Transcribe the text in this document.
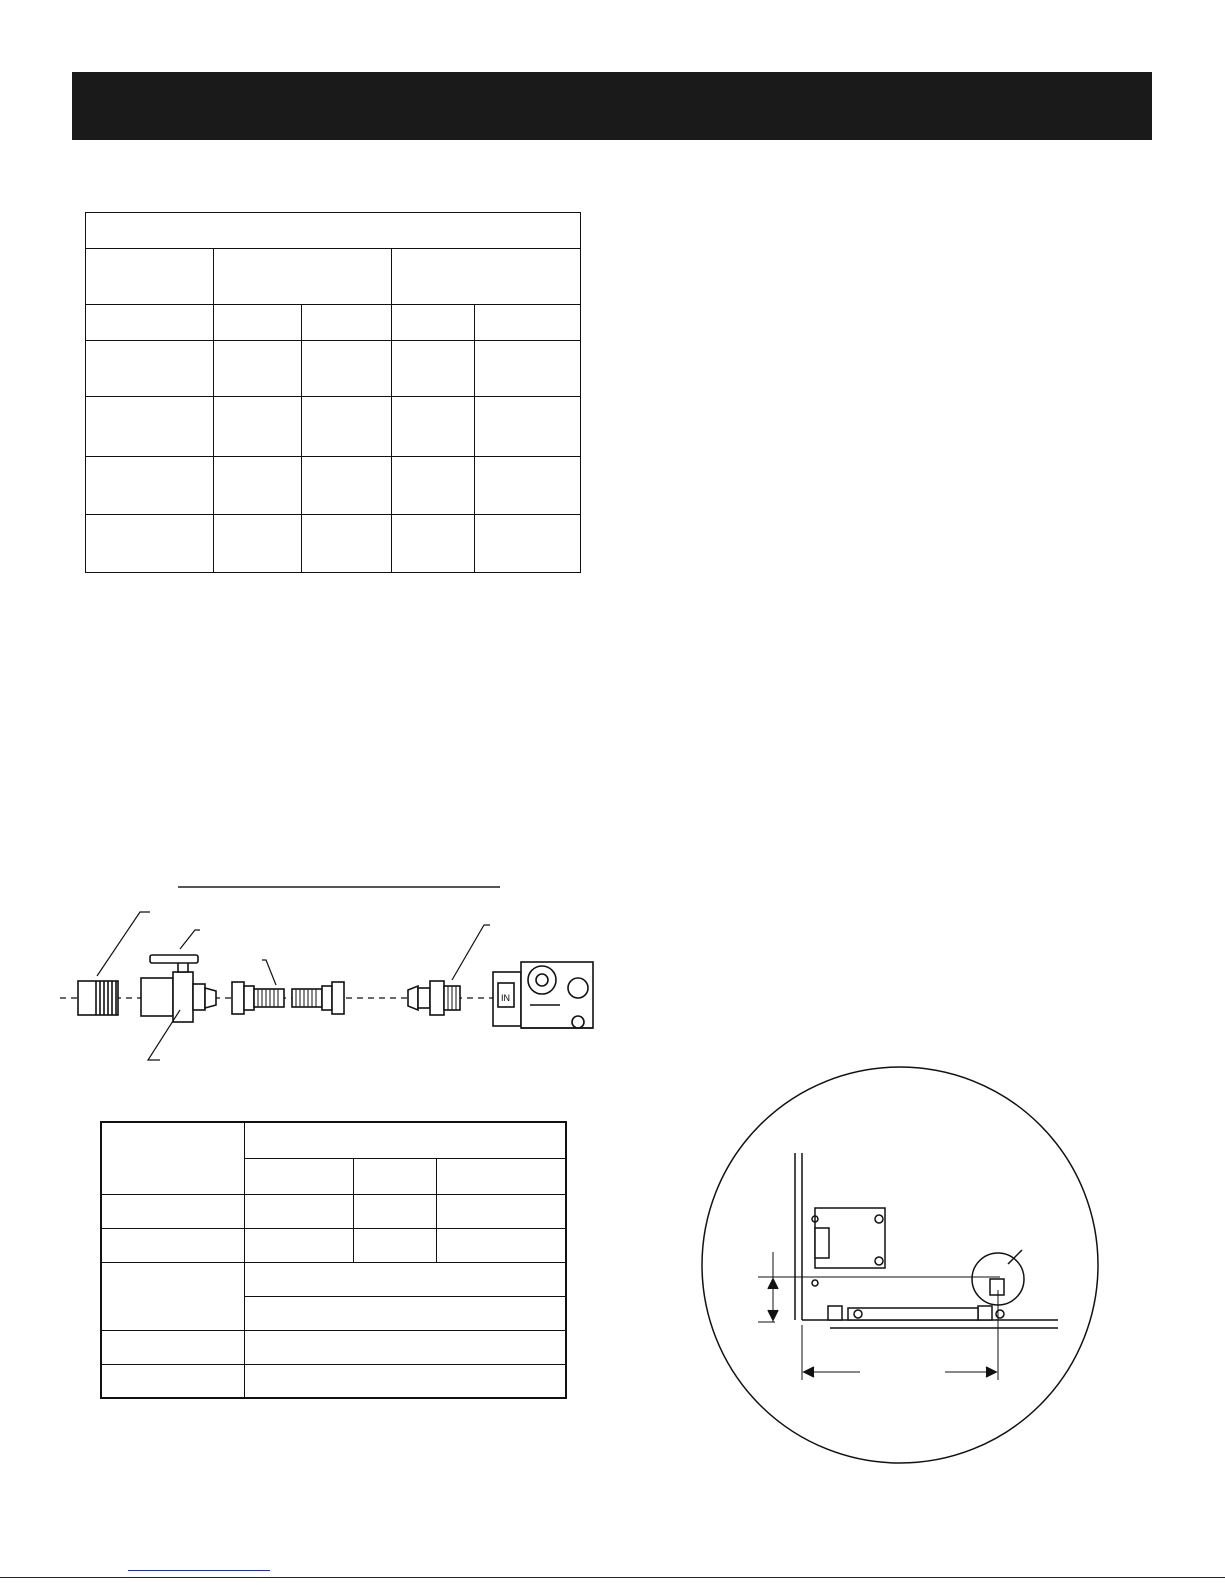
IN
